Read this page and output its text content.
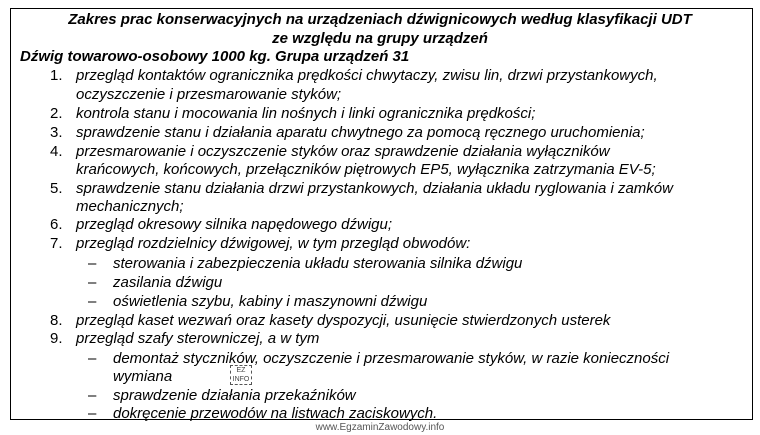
Zakres prac konserwacyjnych na urządzeniach dźwignicowych według klasyfikacji UDT
ze względu na grupy urządzeń
Dźwig towarowo-osobowy 1000 kg. Grupa urządzeń 31
1. przegląd kontaktów ogranicznika prędkości chwytaczy, zwisu lin, drzwi przystankowych,
oczyszczenie i przesmarowanie styków;
2. kontrola stanu i mocowania lin nośnych i linki ogranicznika prędkości;
3. sprawdzenie stanu i działania aparatu chwytnego za pomocą ręcznego uruchomienia;
4. przesmarowanie i oczyszczenie styków oraz sprawdzenie działania wyłączników
krańcowych, końcowych, przełączników piętrowych EP5, wyłącznika zatrzymania EV-5;
5. sprawdzenie stanu działania drzwi przystankowych, działania układu ryglowania i zamków
mechanicznych;
6. przegląd okresowy silnika napędowego dźwigu;
7. przegląd rozdzielnicy dźwigowej, w tym przegląd obwodów:
– sterowania i zabezpieczenia układu sterowania silnika dźwigu
– zasilania dźwigu
– oświetlenia szybu, kabiny i maszynowni dźwigu
8. przegląd kaset wezwań oraz kasety dyspozycji, usunięcie stwierdzonych usterek
9. przegląd szafy sterowniczej, a w tym
– demontaż styczników, oczyszczenie i przesmarowanie styków, w razie konieczności
wymiana
– sprawdzenie działania przekaźników
– dokręcenie przewodów na listwach zaciskowych.
EZ
INFO
www.EgzaminZawodowy.info
